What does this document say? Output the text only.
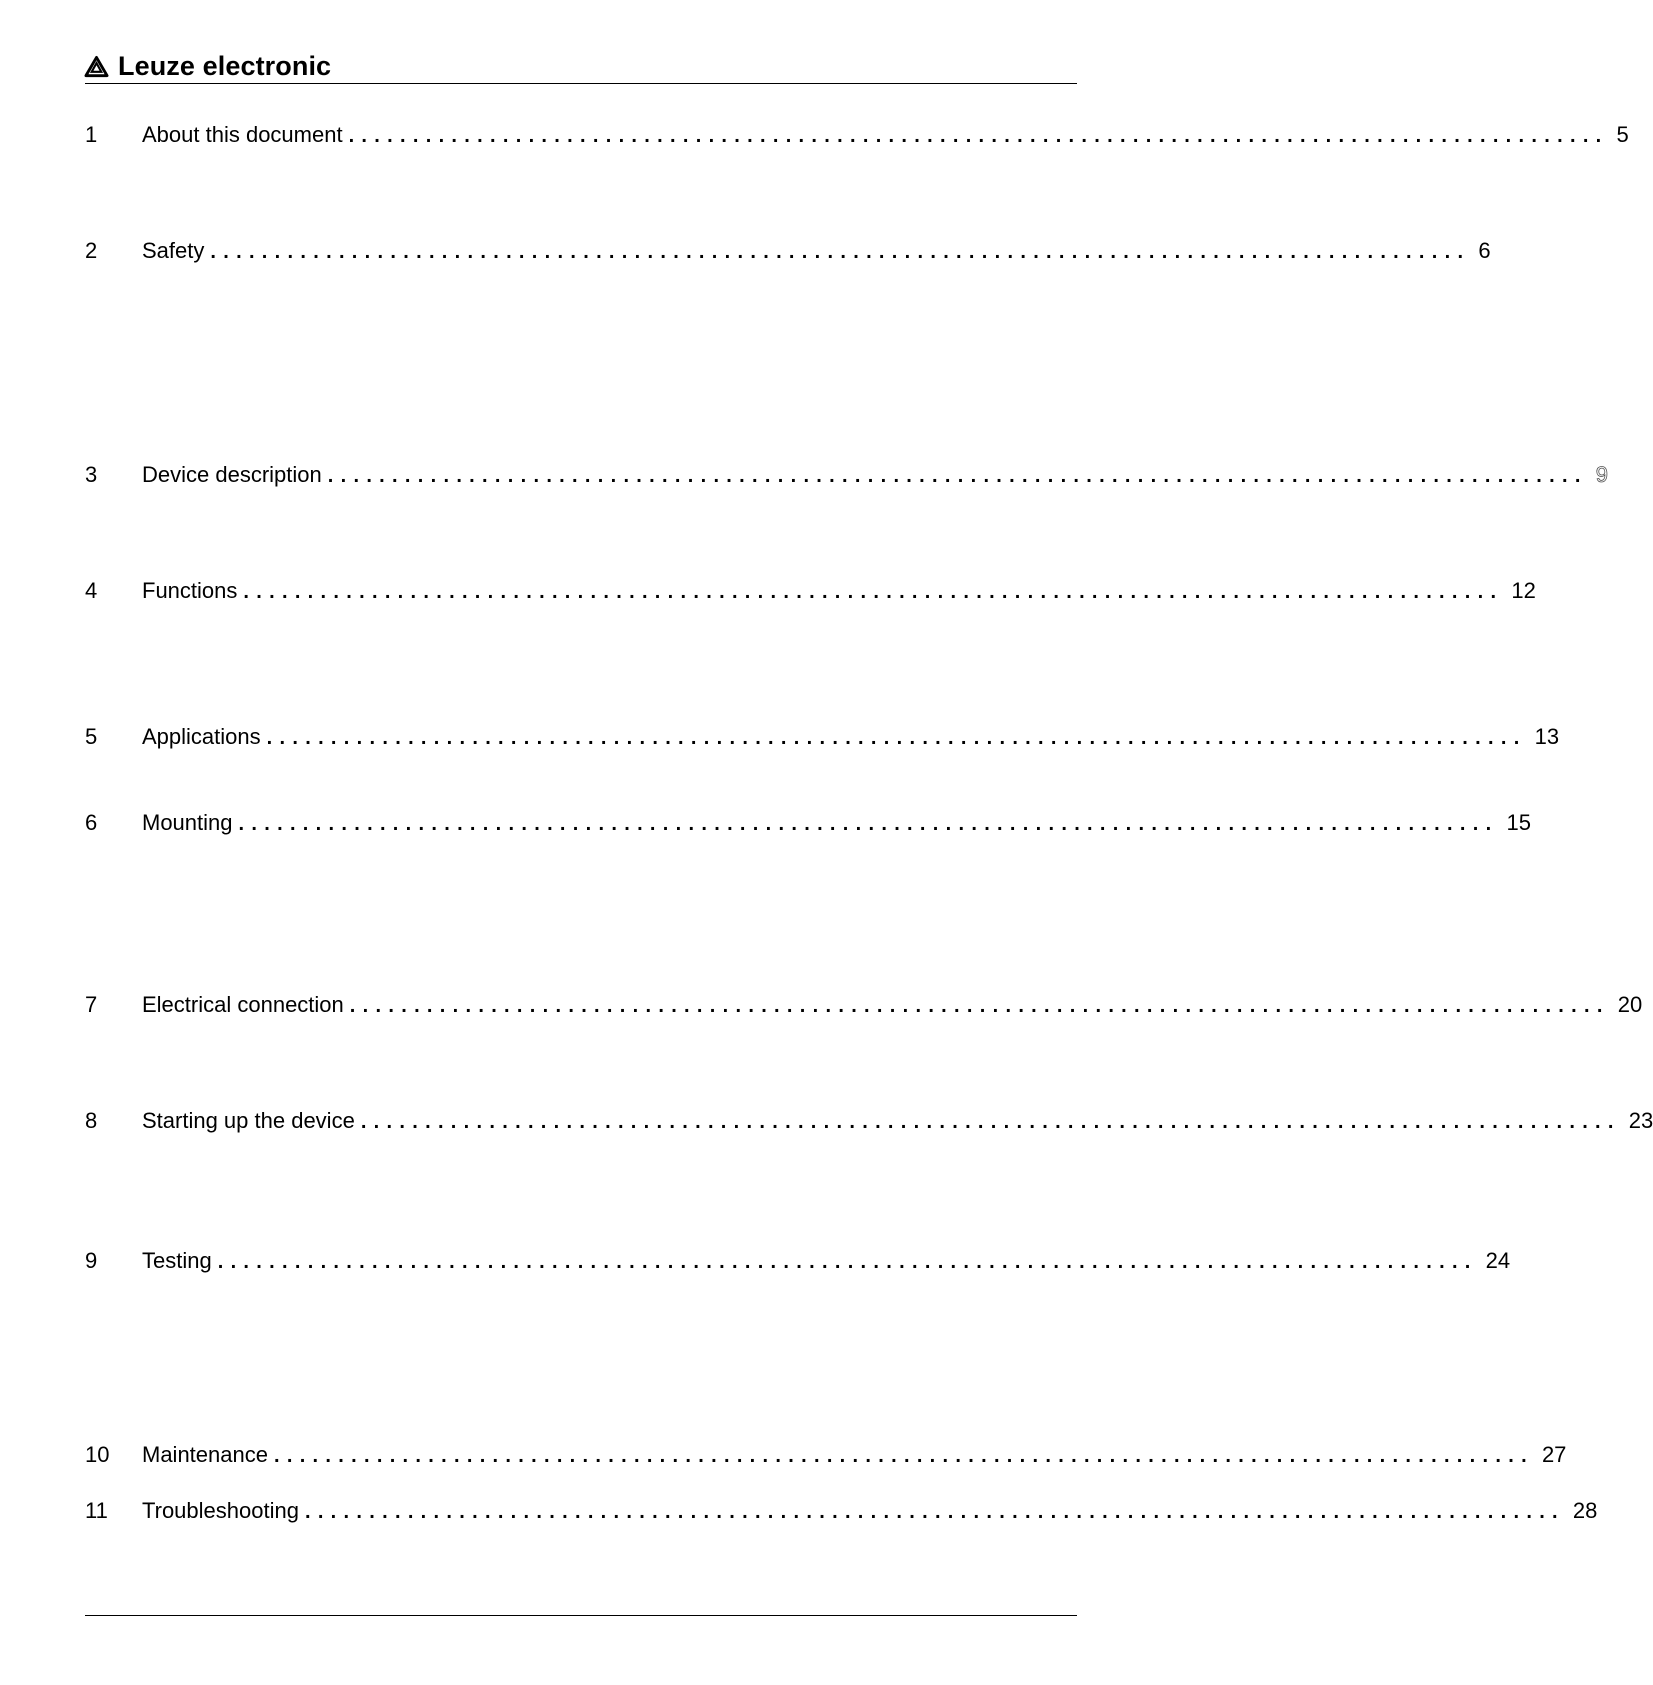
Leuze electronic
1	About this document .................................................................................................. 5
2	Safety .................................................................................................. 6
3	Device description .................................................................................................. 9
4	Functions .................................................................................................. 12
5	Applications .................................................................................................. 13
6	Mounting .................................................................................................. 15
7	Electrical connection .................................................................................................. 20
8	Starting up the device .................................................................................................. 23
9	Testing .................................................................................................. 24
10	Maintenance .................................................................................................. 27
11	Troubleshooting .................................................................................................. 28
